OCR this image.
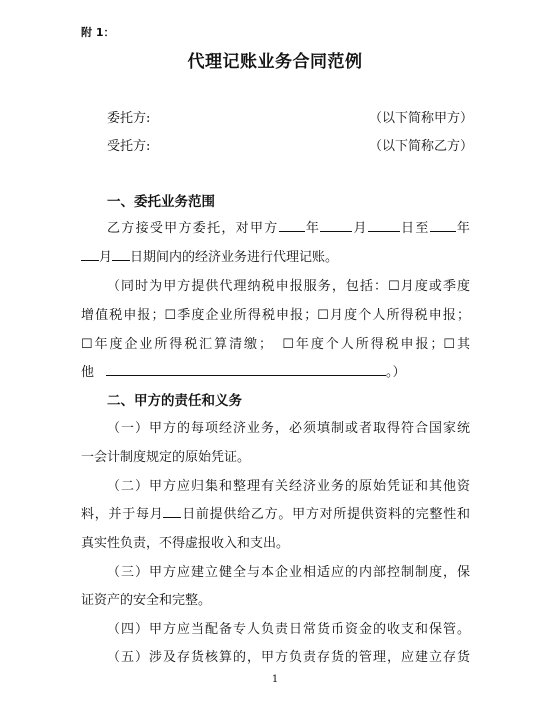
附 1：
代理记账业务合同范例
委托方:	（以下简称甲方）
受托方:	（以下简称乙方）
一、委托业务范围
乙方接受甲方委托，对甲方 年 月 日至 年
月 日期间内的经济业务进行代理记账。
（同时为甲方提供代理纳税申报服务，包括：☐月度或季度
增值税申报；☐季度企业所得税申报；☐月度个人所得税申报；
☐年度企业所得税汇算清缴；　☐年度个人所得税申报；☐其
他	。）
二、甲方的责任和义务
（一）甲方的每项经济业务，必须填制或者取得符合国家统
一会计制度规定的原始凭证。
（二）甲方应归集和整理有关经济业务的原始凭证和其他资
料，并于每月 日前提供给乙方。甲方对所提供资料的完整性和
真实性负责，不得虚报收入和支出。
（三）甲方应建立健全与本企业相适应的内部控制制度，保
证资产的安全和完整。
（四）甲方应当配备专人负责日常货币资金的收支和保管。
（五）涉及存货核算的，甲方负责存货的管理，应建立存货
1
